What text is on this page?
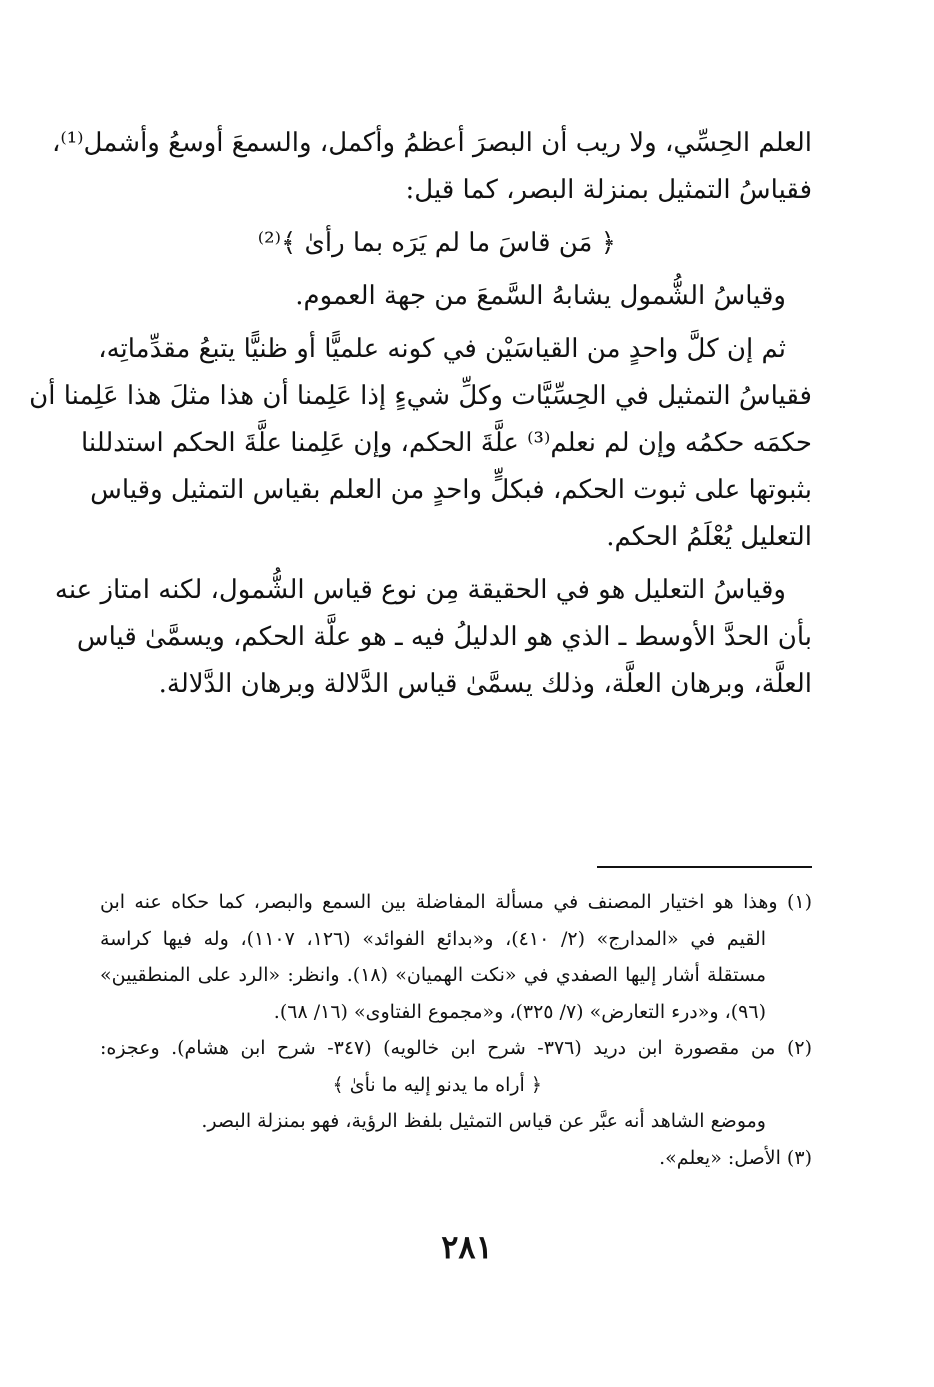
العلم الحِسِّي، ولا ريب أن البصرَ أعظمُ وأكمل، والسمعَ أوسعُ وأشمل⁽¹⁾،
فقياسُ التمثيل بمنزلة البصر، كما قيل:
﴿ مَن قاسَ ما لم يَرَه بما رأىٰ ﴾⁽²⁾
وقياسُ الشُّمول يشابهُ السَّمعَ من جهة العموم.
ثم إن كلَّ واحدٍ من القياسَيْن في كونه علميًّا أو ظنيًّا يتبعُ مقدِّماتِه،
فقياسُ التمثيل في الحِسِّيَّات وكلِّ شيءٍ إذا عَلِمنا أن هذا مثلَ هذا عَلِمنا أن
حكمَه حكمُه وإن لم نعلم⁽³⁾ علَّةَ الحكم، وإن عَلِمنا علَّةَ الحكم استدللنا
بثبوتها على ثبوت الحكم، فبكلٍّ واحدٍ من العلم بقياس التمثيل وقياس
التعليل يُعْلَمُ الحكم.
وقياسُ التعليل هو في الحقيقة مِن نوع قياس الشُّمول، لكنه امتاز عنه
بأن الحدَّ الأوسط ـ الذي هو الدليلُ فيه ـ هو علَّة الحكم، ويسمَّىٰ قياس
العلَّة، وبرهان العلَّة، وذلك يسمَّىٰ قياس الدَّلالة وبرهان الدَّلالة.
(١) وهذا هو اختيار المصنف في مسألة المفاضلة بين السمع والبصر، كما حكاه عنه ابن
القيم في «المدارج» (٢/ ٤١٠)، و«بدائع الفوائد» (١٢٦، ١١٠٧)، وله فيها كراسة
مستقلة أشار إليها الصفدي في «نكت الهميان» (١٨). وانظر: «الرد على المنطقيين»
(٩٦)، و«درء التعارض» (٧/ ٣٢٥)، و«مجموع الفتاوى» (١٦/ ٦٨).
(٢) من مقصورة ابن دريد (٣٧٦- شرح ابن خالويه) (٣٤٧- شرح ابن هشام). وعجزه:
﴿ أراه ما يدنو إليه ما نأىٰ ﴾
وموضع الشاهد أنه عبَّر عن قياس التمثيل بلفظ الرؤية، فهو بمنزلة البصر.
(٣) الأصل: «يعلم».
٢٨١
